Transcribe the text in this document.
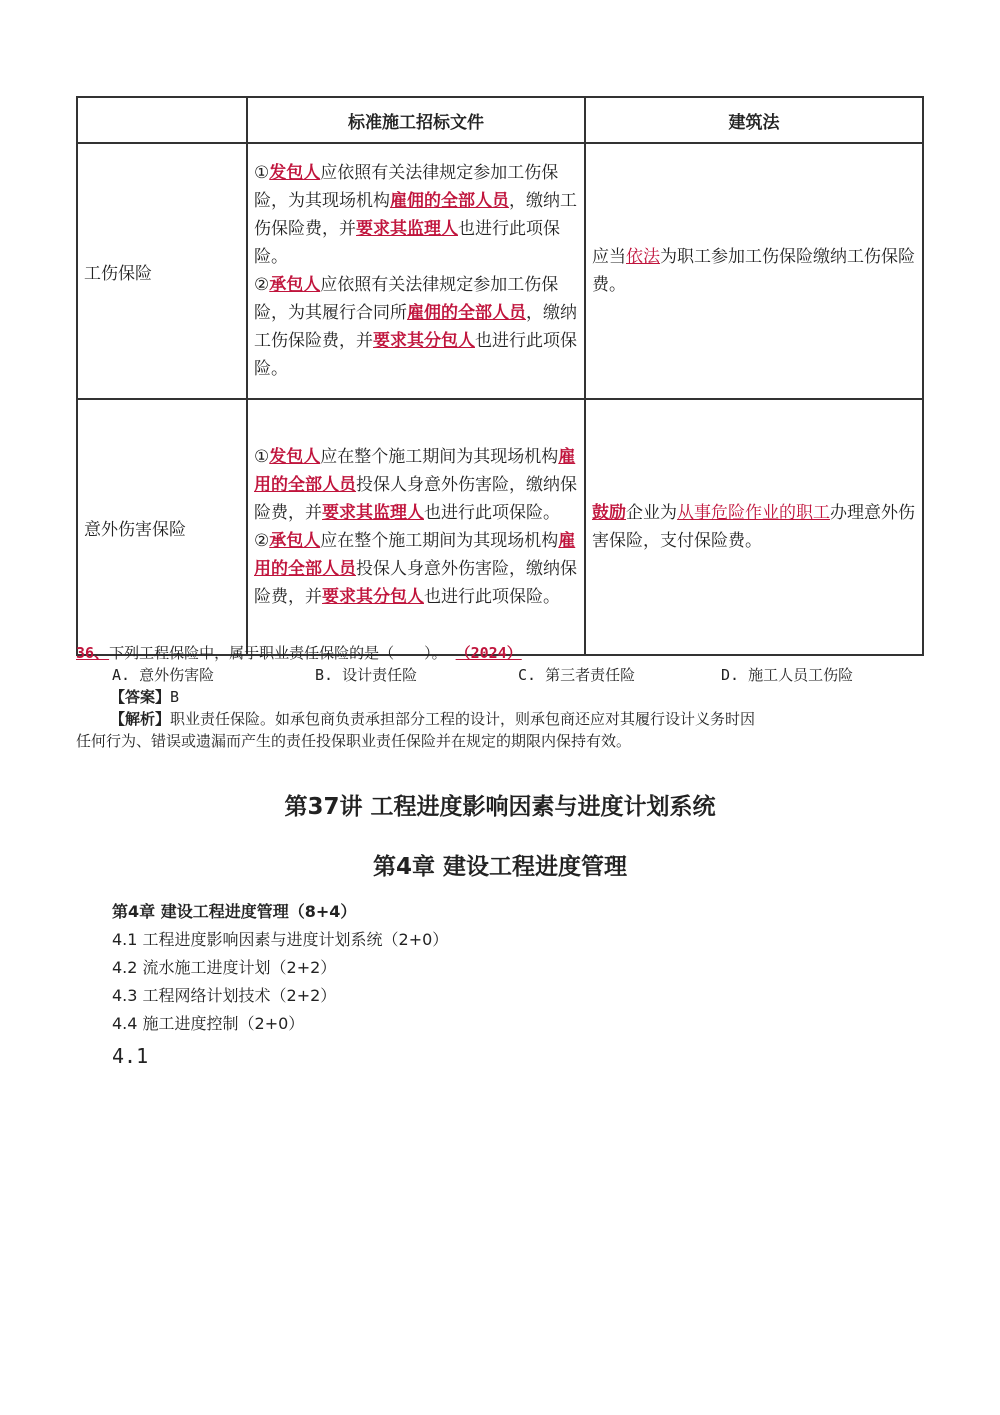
	标准施工招标文件	建筑法
工伤保险	①发包人应依照有关法律规定参加工伤保险，为其现场机构雇佣的全部人员，缴纳工伤保险费，并要求其监理人也进行此项保险。
②承包人应依照有关法律规定参加工伤保险，为其履行合同所雇佣的全部人员，缴纳工伤保险费，并要求其分包人也进行此项保险。	应当依法为职工参加工伤保险缴纳工伤保险费。
意外伤害保险	①发包人应在整个施工期间为其现场机构雇用的全部人员投保人身意外伤害险，缴纳保险费，并要求其监理人也进行此项保险。
②承包人应在整个施工期间为其现场机构雇用的全部人员投保人身意外伤害险，缴纳保险费，并要求其分包人也进行此项保险。	鼓励企业为从事危险作业的职工办理意外伤害保险，支付保险费。
36、下列工程保险中，属于职业责任保险的是（　　）。 （2024）
A. 意外伤害险	B. 设计责任险	C. 第三者责任险	D. 施工人员工伤险
【答案】B
【解析】职业责任保险。如承包商负责承担部分工程的设计，则承包商还应对其履行设计义务时因
任何行为、错误或遗漏而产生的责任投保职业责任保险并在规定的期限内保持有效。
第37讲 工程进度影响因素与进度计划系统
第4章 建设工程进度管理
第4章 建设工程进度管理（8+4）
4.1 工程进度影响因素与进度计划系统（2+0）
4.2 流水施工进度计划（2+2）
4.3 工程网络计划技术（2+2）
4.4 施工进度控制（2+0）
4.1
